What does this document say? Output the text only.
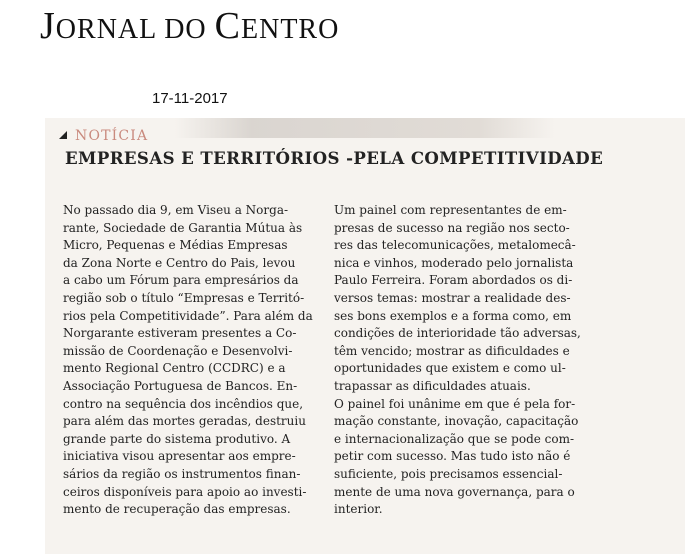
JORNAL DO CENTRO
17-11-2017
NOTÍCIA
EMPRESAS E TERRITÓRIOS -PELA COMPETITIVIDADE
No passado dia 9, em Viseu a Norga-
rante, Sociedade de Garantia Mútua às
Micro, Pequenas e Médias Empresas
da Zona Norte e Centro do Pais, levou
a cabo um Fórum para empresários da
região sob o título “Empresas e Territó-
rios pela Competitividade”. Para além da
Norgarante estiveram presentes a Co-
missão de Coordenação e Desenvolvi-
mento Regional Centro (CCDRC) e a
Associação Portuguesa de Bancos. En-
contro na sequência dos incêndios que,
para além das mortes geradas, destruiu
grande parte do sistema produtivo. A
iniciativa visou apresentar aos empre-
sários da região os instrumentos finan-
ceiros disponíveis para apoio ao investi-
mento de recuperação das empresas.
Um painel com representantes de em-
presas de sucesso na região nos secto-
res das telecomunicações, metalomecâ-
nica e vinhos, moderado pelo jornalista
Paulo Ferreira. Foram abordados os di-
versos temas: mostrar a realidade des-
ses bons exemplos e a forma como, em
condições de interioridade tão adversas,
têm vencido; mostrar as dificuldades e
oportunidades que existem e como ul-
trapassar as dificuldades atuais.
O painel foi unânime em que é pela for-
mação constante, inovação, capacitação
e internacionalização que se pode com-
petir com sucesso. Mas tudo isto não é
suficiente, pois precisamos essencial-
mente de uma nova governança, para o
interior.
